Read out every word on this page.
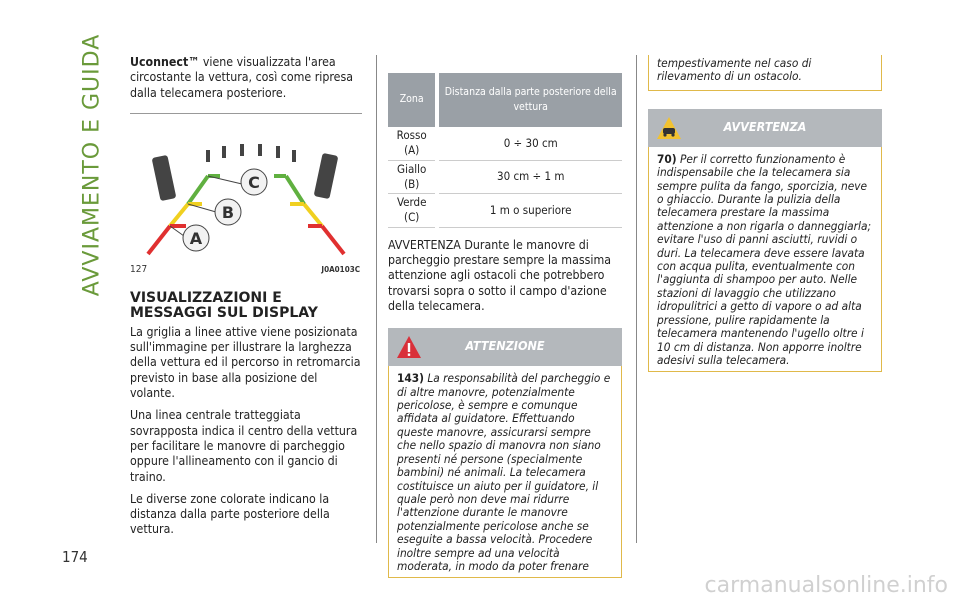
AVVIAMENTO E GUIDA
174

Uconnect™ viene visualizzata l'area circostante la vettura, così come ripresa dalla telecamera posteriore.

A
B
C
127	J0A0103C
VISUALIZZAZIONI E MESSAGGI SUL DISPLAY

La griglia a linee attive viene posizionata sull'immagine per illustrare la larghezza della vettura ed il percorso in retromarcia previsto in base alla posizione del volante.

Una linea centrale tratteggiata sovrapposta indica il centro della vettura per facilitare le manovre di parcheggio oppure l'allineamento con il gancio di traino.

Le diverse zone colorate indicano la distanza dalla parte posteriore della vettura.

Zona		Distanza dalla parte posteriore della vettura
Rosso (A)		0 ÷ 30 cm
Giallo (B)		30 cm ÷ 1 m
Verde (C)		1 m o superiore

AVVERTENZA Durante le manovre di parcheggio prestare sempre la massima attenzione agli ostacoli che potrebbero trovarsi sopra o sotto il campo d'azione della telecamera.

ATTENZIONE
143) La responsabilità del parcheggio e di altre manovre, potenzialmente pericolose, è sempre e comunque affidata al guidatore. Effettuando queste manovre, assicurarsi sempre che nello spazio di manovra non siano presenti né persone (specialmente bambini) né animali. La telecamera costituisce un aiuto per il guidatore, il quale però non deve mai ridurre l'attenzione durante le manovre potenzialmente pericolose anche se eseguite a bassa velocità. Procedere inoltre sempre ad una velocità moderata, in modo da poter frenare
tempestivamente nel caso di rilevamento di un ostacolo.
AVVERTENZA
70) Per il corretto funzionamento è indispensabile che la telecamera sia sempre pulita da fango, sporcizia, neve o ghiaccio. Durante la pulizia della telecamera prestare la massima attenzione a non rigarla o danneggiarla; evitare l'uso di panni asciutti, ruvidi o duri. La telecamera deve essere lavata con acqua pulita, eventualmente con l'aggiunta di shampoo per auto. Nelle stazioni di lavaggio che utilizzano idropulitrici a getto di vapore o ad alta pressione, pulire rapidamente la telecamera mantenendo l'ugello oltre i 10 cm di distanza. Non apporre inoltre adesivi sulla telecamera.
carmanualsonline.info
